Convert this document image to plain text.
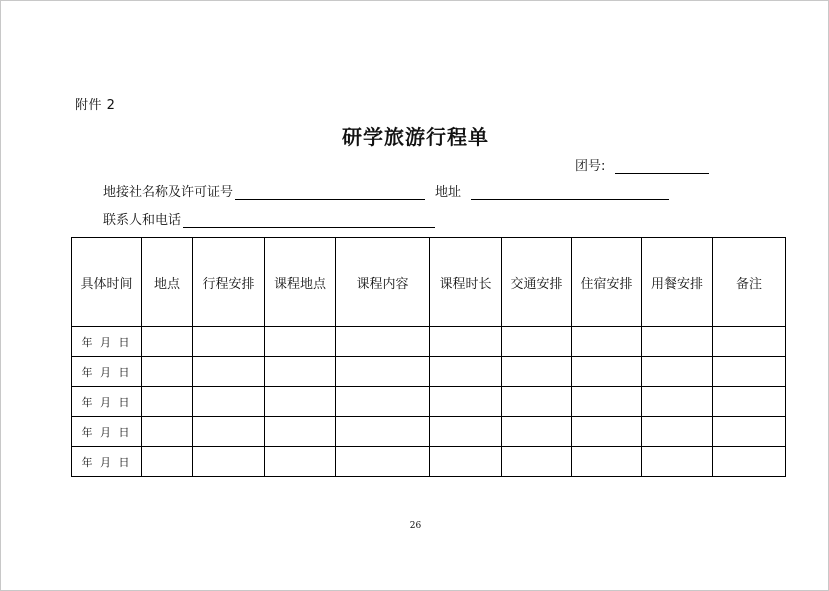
附件 2
研学旅游行程单
团号:
地接社名称及许可证号	地址
联系人和电话
具体时间	地点	行程安排	课程地点	课程内容	课程时长	交通安排	住宿安排	用餐安排	备注
年 月 日									
年 月 日									
年 月 日									
年 月 日									
年 月 日									
26
